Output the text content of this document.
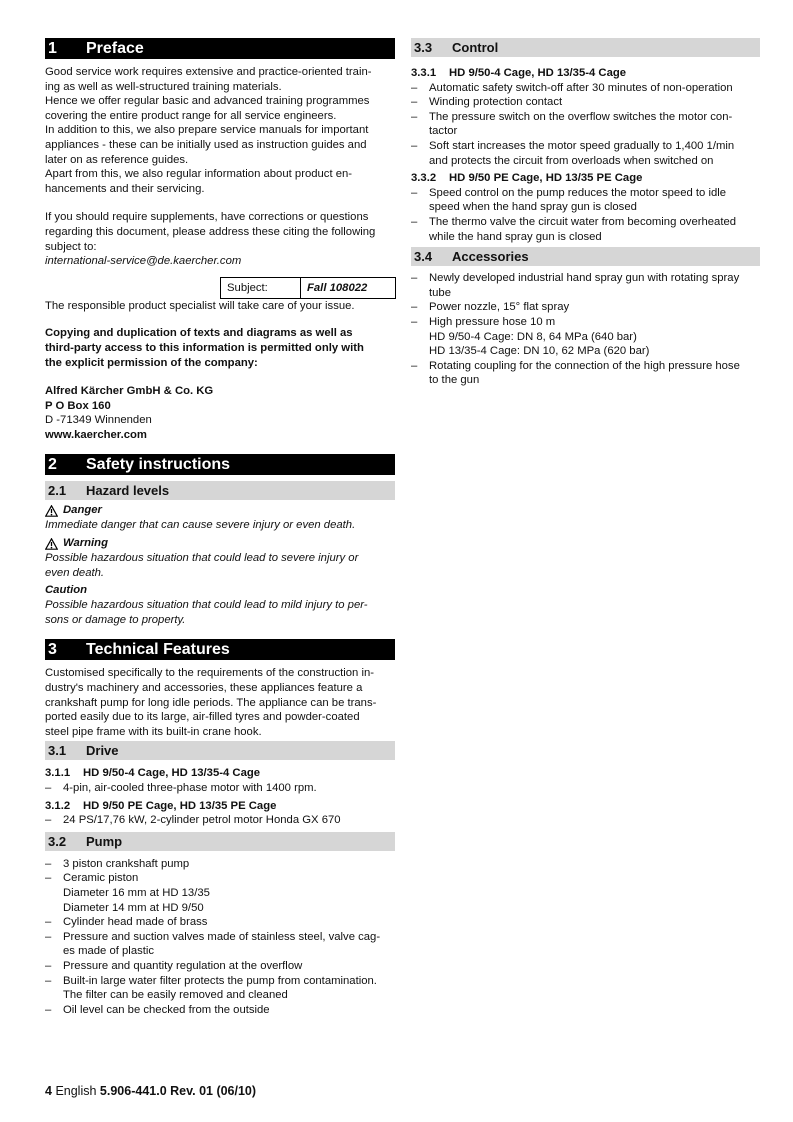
1	Preface

Good service work requires extensive and practice-oriented train-
ing as well as well-structured training materials.
Hence we offer regular basic and advanced training programmes
covering the entire product range for all service engineers.
In addition to this, we also prepare service manuals for important
appliances - these can be initially used as instruction guides and
later on as reference guides.
Apart from this, we also regular information about product en-
hancements and their servicing.

If you should require supplements, have corrections or questions
regarding this document, please address these citing the following
subject to:
international-service@de.kaercher.com

Subject:	Fall 108022

The responsible product specialist will take care of your issue.

Copying and duplication of texts and diagrams as well as
third-party access to this information is permitted only with
the explicit permission of the company:

Alfred Kärcher GmbH & Co. KG
P O Box 160
D -71349 Winnenden
www.kaercher.com

2	Safety instructions
2.1	Hazard levels
Danger

Immediate danger that can cause severe injury or even death.

Warning

Possible hazardous situation that could lead to severe injury or
even death.

Caution

Possible hazardous situation that could lead to mild injury to per-
sons or damage to property.

3	Technical Features

Customised specifically to the requirements of the construction in-
dustry's machinery and accessories, these appliances feature a
crankshaft pump for long idle periods. The appliance can be trans-
ported easily due to its large, air-filled tyres and powder-coated
steel pipe frame with its built-in crane hook.

3.1	Drive
3.1.1 HD 9/50-4 Cage, HD 13/35-4 Cage
– 4-pin, air-cooled three-phase motor with 1400 rpm.
3.1.2 HD 9/50 PE Cage, HD 13/35 PE Cage
– 24 PS/17,76 kW, 2-cylinder petrol motor Honda GX 670
3.2	Pump
– 3 piston crankshaft pump
– Ceramic piston
Diameter 16 mm at HD 13/35
Diameter 14 mm at HD 9/50
– Cylinder head made of brass
– Pressure and suction valves made of stainless steel, valve cag-
es made of plastic
– Pressure and quantity regulation at the overflow
– Built-in large water filter protects the pump from contamination.
The filter can be easily removed and cleaned
– Oil level can be checked from the outside
3.3	Control
3.3.1 HD 9/50-4 Cage, HD 13/35-4 Cage
– Automatic safety switch-off after 30 minutes of non-operation
– Winding protection contact
– The pressure switch on the overflow switches the motor con-
tactor
– Soft start increases the motor speed gradually to 1,400 1/min
and protects the circuit from overloads when switched on
3.3.2 HD 9/50 PE Cage, HD 13/35 PE Cage
– Speed control on the pump reduces the motor speed to idle
speed when the hand spray gun is closed
– The thermo valve the circuit water from becoming overheated
while the hand spray gun is closed
3.4	Accessories
– Newly developed industrial hand spray gun with rotating spray
tube
– Power nozzle, 15° flat spray
– High pressure hose 10 m
HD 9/50-4 Cage: DN 8, 64 MPa (640 bar)
HD 13/35-4 Cage: DN 10, 62 MPa (620 bar)
– Rotating coupling for the connection of the high pressure hose
to the gun
4 English 5.906-441.0 Rev. 01 (06/10)
